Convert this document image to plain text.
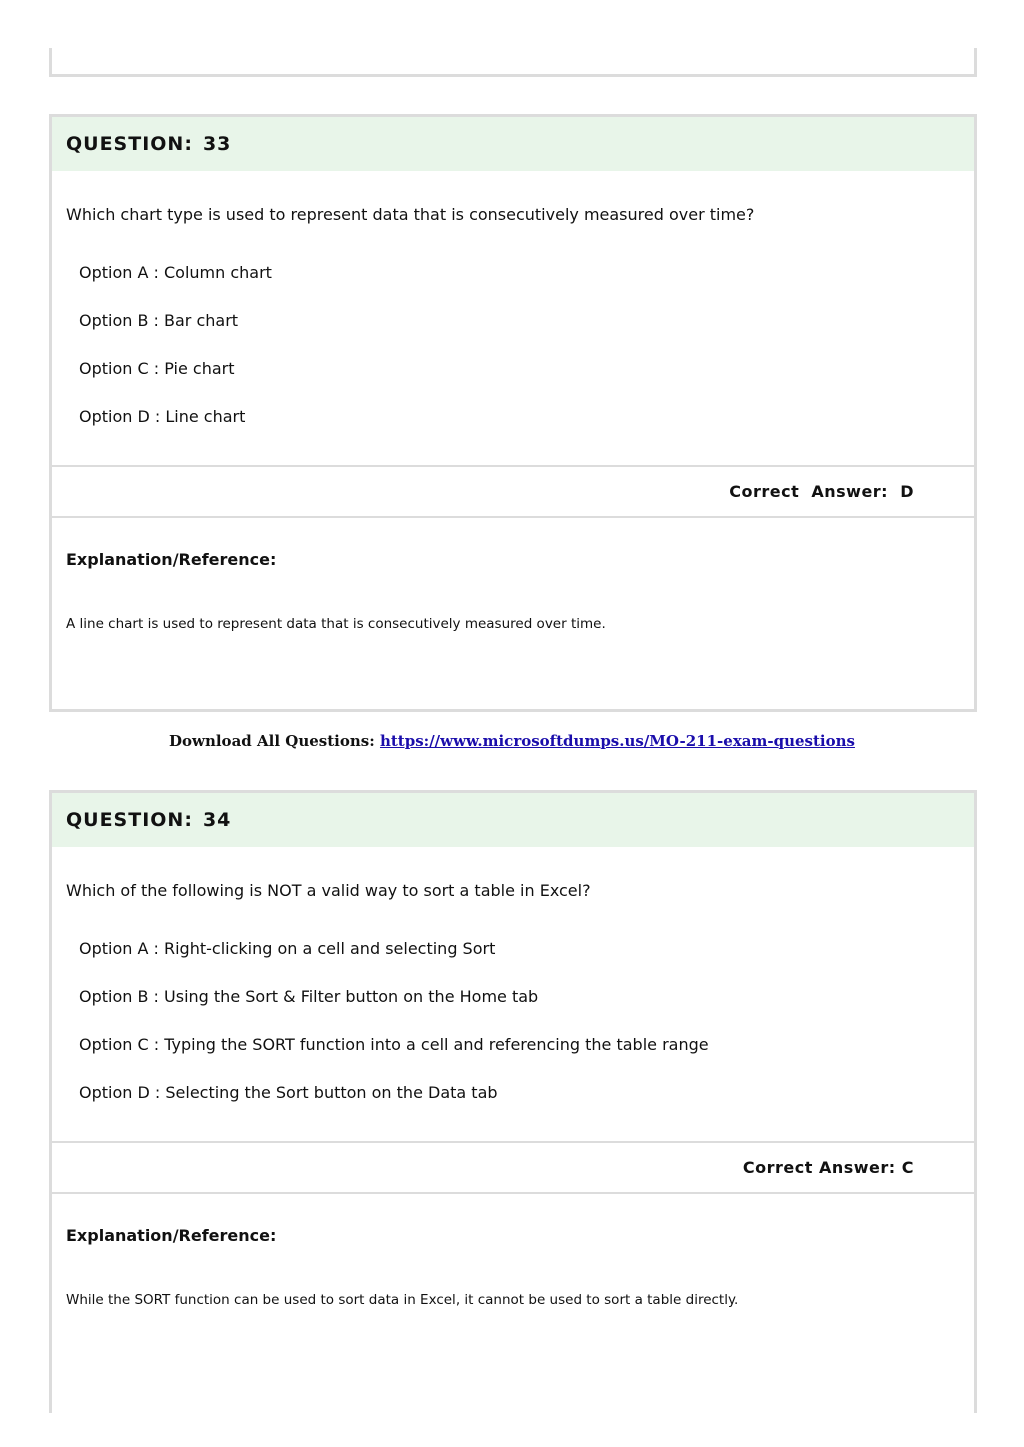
QUESTION: 33
Which chart type is used to represent data that is consecutively measured over time?
Option A : Column chart
Option B : Bar chart
Option C : Pie chart
Option D : Line chart
Correct  Answer:  D
Explanation/Reference:
A line chart is used to represent data that is consecutively measured over time.
Download All Questions: https://www.microsoftdumps.us/MO-211-exam-questions
QUESTION: 34
Which of the following is NOT a valid way to sort a table in Excel?
Option A : Right-clicking on a cell and selecting Sort
Option B : Using the Sort & Filter button on the Home tab
Option C : Typing the SORT function into a cell and referencing the table range
Option D : Selecting the Sort button on the Data tab
Correct Answer: C
Explanation/Reference:
While the SORT function can be used to sort data in Excel, it cannot be used to sort a table directly.
